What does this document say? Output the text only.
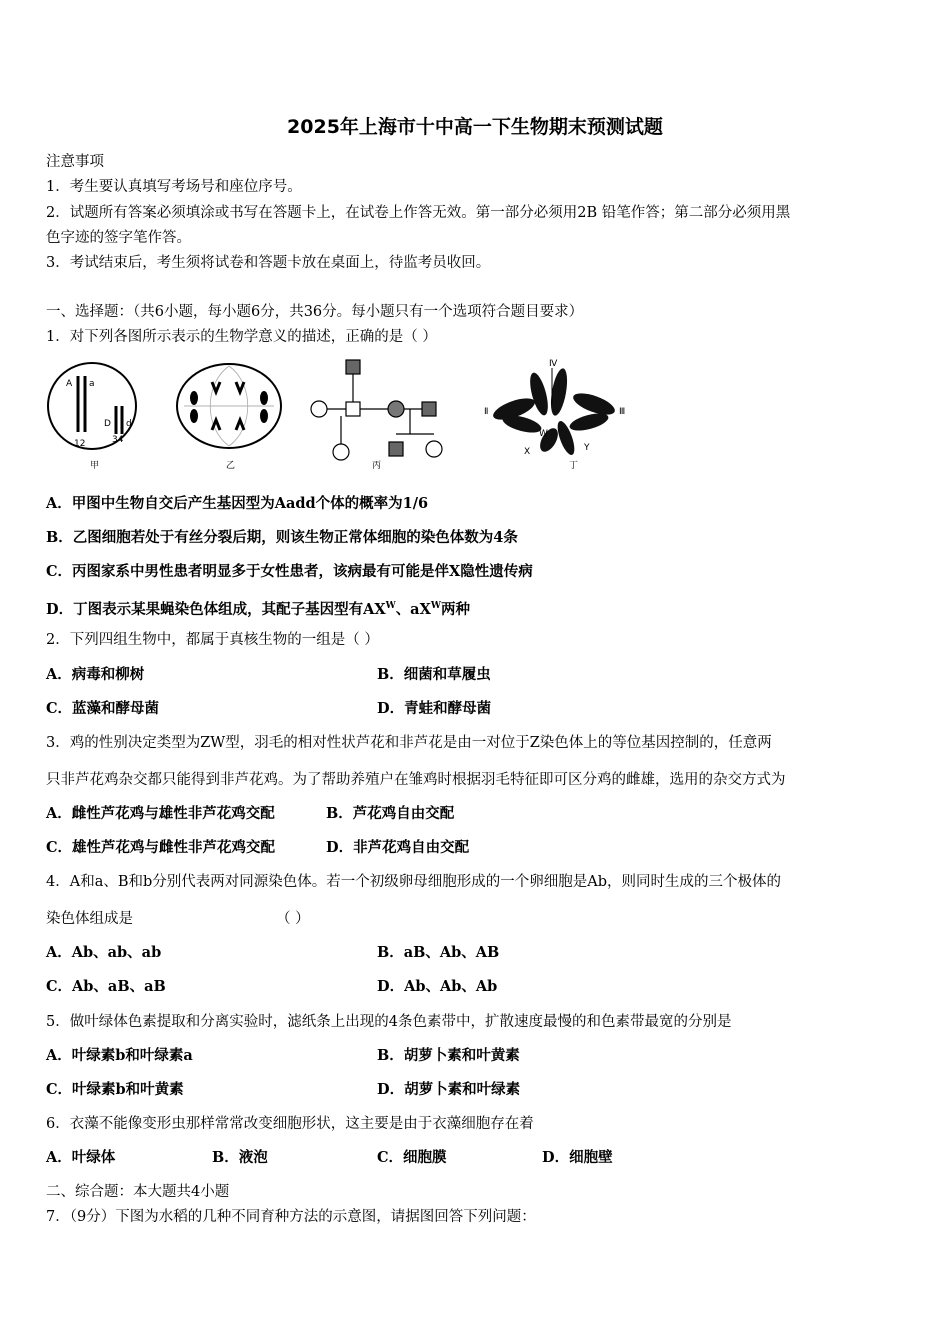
2025年上海市十中高一下生物期末预测试题
注意事项
1．考生要认真填写考场号和座位序号。
2．试题所有答案必须填涂或书写在答题卡上，在试卷上作答无效。第一部分必须用2B 铅笔作答；第二部分必须用黑
色字迹的签字笔作答。
3．考试结束后，考生须将试卷和答题卡放在桌面上，待监考员收回。
一、选择题：（共6小题，每小题6分，共36分。每小题只有一个选项符合题目要求）
1．对下列各图所示表示的生物学意义的描述，正确的是（ ）
A a
12
D d
34
甲	乙	丙
Ⅳ
Ⅱ	Ⅲ
W
X	Y
丁
A．甲图中生物自交后产生基因型为Aadd个体的概率为1/6
B．乙图细胞若处于有丝分裂后期，则该生物正常体细胞的染色体数为4条
C．丙图家系中男性患者明显多于女性患者，该病最有可能是伴X隐性遗传病
D．丁图表示某果蝇染色体组成，其配子基因型有$AX^W$、$aX^W$两种
2．下列四组生物中，都属于真核生物的一组是（ ）
A．病毒和柳树	B．细菌和草履虫
C．蓝藻和酵母菌	D．青蛙和酵母菌
3．鸡的性别决定类型为ZW型，羽毛的相对性状芦花和非芦花是由一对位于Z染色体上的等位基因控制的，任意两
只非芦花鸡杂交都只能得到非芦花鸡。为了帮助养殖户在雏鸡时根据羽毛特征即可区分鸡的雌雄，选用的杂交方式为
A．雌性芦花鸡与雄性非芦花鸡交配	B．芦花鸡自由交配
C．雄性芦花鸡与雌性非芦花鸡交配	D．非芦花鸡自由交配
4．A和a、B和b分别代表两对同源染色体。若一个初级卵母细胞形成的一个卵细胞是Ab，则同时生成的三个极体的
染色体组成是	（ ）
A．Ab、ab、ab	B．aB、Ab、AB
C．Ab、aB、aB	D．Ab、Ab、Ab
5．做叶绿体色素提取和分离实验时，滤纸条上出现的4条色素带中，扩散速度最慢的和色素带最宽的分别是
A．叶绿素b和叶绿素a	B．胡萝卜素和叶黄素
C．叶绿素b和叶黄素	D．胡萝卜素和叶绿素
6．衣藻不能像变形虫那样常常改变细胞形状，这主要是由于衣藻细胞存在着
A．叶绿体	B．液泡	C．细胞膜	D．细胞壁
二、综合题：本大题共4小题
7．（9分）下图为水稻的几种不同育种方法的示意图，请据图回答下列问题：
